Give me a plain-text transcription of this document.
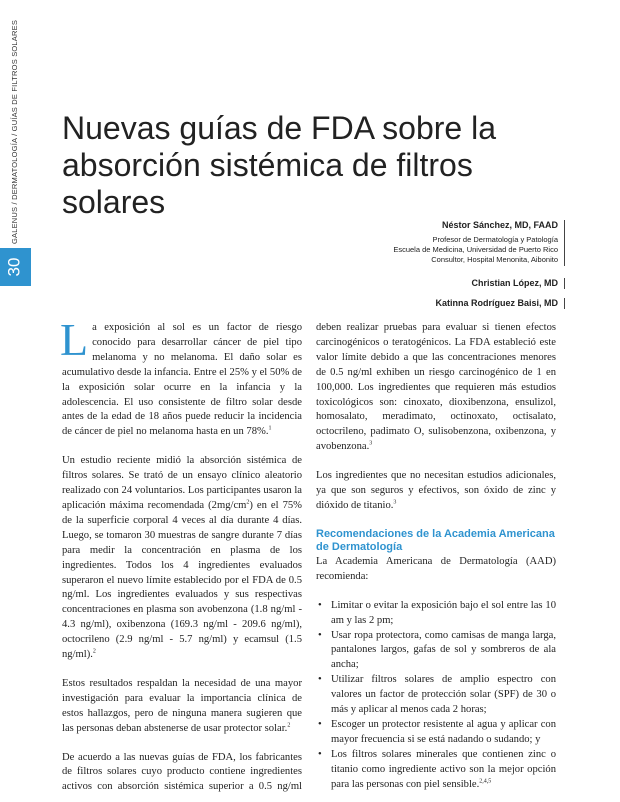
GALENUS / DERMATOLOGÍA / GUÍAS DE FILTROS SOLARES
30
Nuevas guías de FDA sobre la
absorción sistémica de filtros solares
Néstor Sánchez, MD, FAAD
Profesor de Dermatología y Patología
Escuela de Medicina, Universidad de Puerto Rico
Consultor, Hospital Menonita, Aibonito
Christian López, MD
Katinna Rodríguez Baisi, MD

La exposición al sol es un factor de riesgo conocido para desarrollar cáncer de piel tipo melanoma y no melanoma. El daño solar es acumulativo desde la infancia. Entre el 25% y el 50% de la exposición solar ocurre en la infancia y la adolescencia. El uso consistente de filtro solar desde antes de la edad de 18 años puede reducir la incidencia de cáncer de piel no melanoma hasta en un 78%.$^1$

Un estudio reciente midió la absorción sistémica de filtros solares. Se trató de un ensayo clínico aleatorio realizado con 24 voluntarios. Los participantes usaron la aplicación máxima recomendada $(2mg/cm^2)$ en el 75% de la superficie corporal 4 veces al día durante 4 días. Luego, se tomaron 30 muestras de sangre durante 7 días para medir la concentración en plasma de los ingredientes. Todos los 4 ingredientes evaluados superaron el nuevo límite establecido por el FDA de 0.5 ng/ml. Los ingredientes evaluados y sus respectivas concentraciones en plasma son avobenzona (1.8 ng/ml - 4.3 ng/ml), oxibenzona (169.3 ng/ml - 209.6 ng/ml), octocrileno (2.9 ng/ml - 5.7 ng/ml) y ecamsul (1.5 ng/ml).$^2$

Estos resultados respaldan la necesidad de una mayor investigación para evaluar la importancia clínica de estos hallazgos, pero de ninguna manera sugieren que las personas deban abstenerse de usar protector solar.$^2$

De acuerdo a las nuevas guías de FDA, los fabricantes de filtros solares cuyo producto contiene ingredientes activos con absorción sistémica superior a 0.5 ng/ml

deben realizar pruebas para evaluar si tienen efectos carcinogénicos o teratogénicos. La FDA estableció este valor límite debido a que las concentraciones menores de 0.5 ng/ml exhiben un riesgo carcinogénico de 1 en 100,000. Los ingredientes que requieren más estudios toxicológicos son: cinoxato, dioxibenzona, ensulizol, homosalato, meradimato, octinoxato, octisalato, octocrileno, padimato O, sulisobenzona, oxibenzona, y avobenzona.$^3$

Los ingredientes que no necesitan estudios adicionales, ya que son seguros y efectivos, son óxido de zinc y dióxido de titanio.$^3$

Recomendaciones de la Academia Americana de Dermatología

La Academia Americana de Dermatología (AAD) recomienda:

• Limitar o evitar la exposición bajo el sol entre las 10 am y las 2 pm;
• Usar ropa protectora, como camisas de manga larga, pantalones largos, gafas de sol y sombreros de ala ancha;
• Utilizar filtros solares de amplio espectro con valores un factor de protección solar (SPF) de 30 o más y aplicar al menos cada 2 horas;
• Escoger un protector resistente al agua y aplicar con mayor frecuencia si se está nadando o sudando; y
• Los filtros solares minerales que contienen zinc o titanio como ingrediente activo son la mejor opción para las personas con piel sensible.$^{2,4,5}$
